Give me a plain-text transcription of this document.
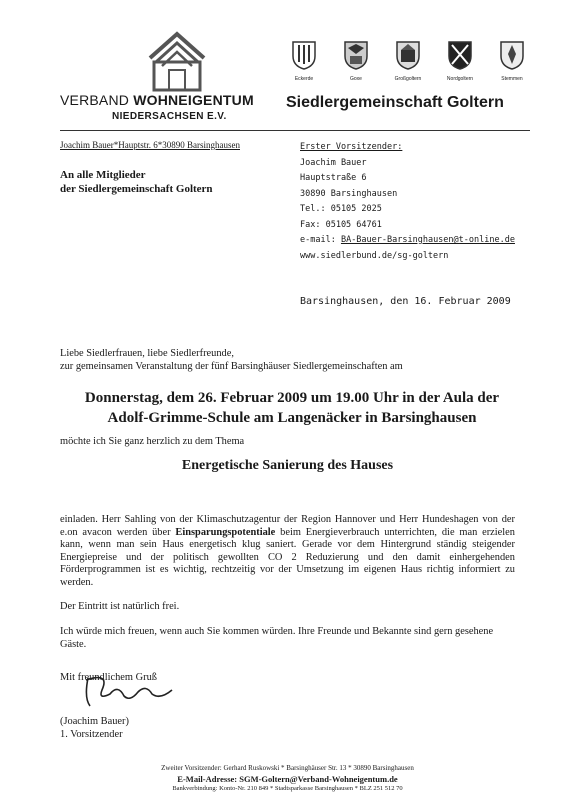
VERBAND WOHNEIGENTUM
NIEDERSACHSEN E.V.
Eckerde	Goxe	Großgoltern	Nordgoltern	Stemmen
Siedlergemeinschaft Goltern
Joachim Bauer*Hauptstr. 6*30890 Barsinghausen
An alle Mitglieder
der Siedlergemeinschaft Goltern
Erster Vorsitzender:
Joachim Bauer
Hauptstraße 6
30890 Barsinghausen
Tel.: 05105 2025
Fax: 05105 64761
e-mail: BA-Bauer-Barsinghausen@t-online.de
www.siedlerbund.de/sg-goltern
Barsinghausen, den 16. Februar 2009
Liebe Siedlerfrauen, liebe Siedlerfreunde,
zur gemeinsamen Veranstaltung der fünf Barsinghäuser Siedlergemeinschaften am
Donnerstag, dem 26. Februar 2009 um 19.00 Uhr in der Aula der
Adolf-Grimme-Schule am Langenäcker in Barsinghausen
möchte ich Sie ganz herzlich zu dem Thema
Energetische Sanierung des Hauses
einladen. Herr Sahling von der Klimaschutzagentur der Region Hannover und Herr Hundeshagen von der e.on avacon werden über Einsparungspotentiale beim Energieverbrauch unterrichten, die man erzielen kann, wenn man sein Haus energetisch klug saniert. Gerade vor dem Hintergrund ständig steigender Energiepreise und der politisch gewollten CO 2 Reduzierung und den damit einhergehenden Förderprogrammen ist es wichtig, rechtzeitig vor der Umsetzung im eigenen Haus richtig informiert zu werden.
Der Eintritt ist natürlich frei.
Ich würde mich freuen, wenn auch Sie kommen würden. Ihre Freunde und Bekannte sind gern gesehene Gäste.
Mit freundlichem Gruß
(Joachim Bauer)
1. Vorsitzender
Zweiter Vorsitzender: Gerhard Ruskowski * Barsinghäuser Str. 13 * 30890 Barsinghausen
E-Mail-Adresse: SGM-Goltern@Verband-Wohneigentum.de
Bankverbindung: Konto-Nr. 210 849 * Stadtsparkasse Barsinghausen * BLZ 251 512 70
